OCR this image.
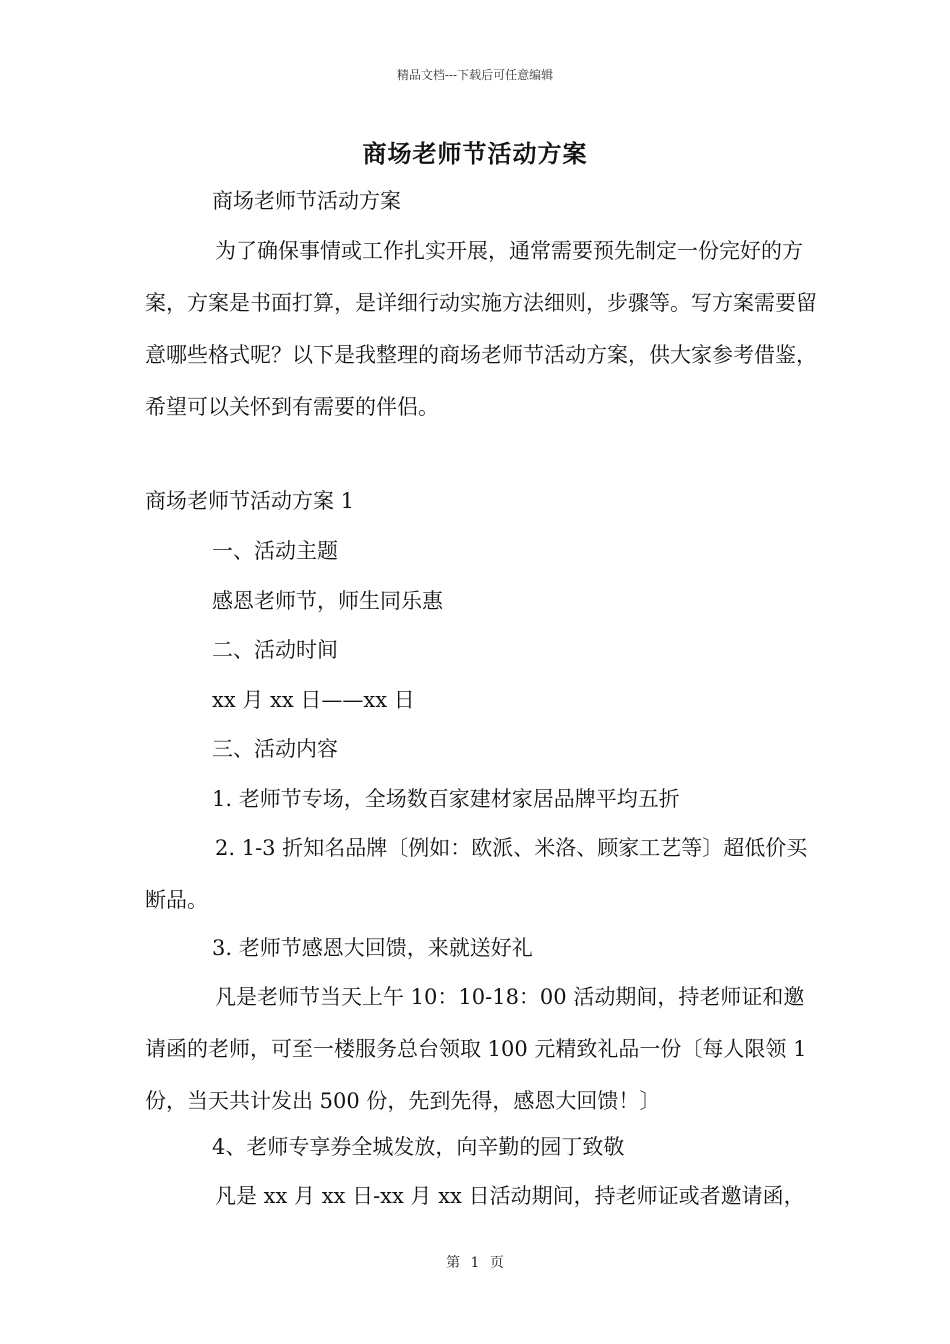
精品文档---下载后可任意编辑
商场老师节活动方案
商场老师节活动方案
为了确保事情或工作扎实开展，通常需要预先制定一份完好的方案，方案是书面打算，是详细行动实施方法细则，步骤等。写方案需要留意哪些格式呢？以下是我整理的商场老师节活动方案，供大家参考借鉴，希望可以关怀到有需要的伴侣。
商场老师节活动方案 1
一、活动主题
感恩老师节，师生同乐惠
二、活动时间
xx 月 xx 日——xx 日
三、活动内容
1. 老师节专场，全场数百家建材家居品牌平均五折
2. 1-3 折知名品牌〔例如：欧派、米洛、顾家工艺等〕超低价买断品。
3. 老师节感恩大回馈，来就送好礼
凡是老师节当天上午 10：10-18：00 活动期间，持老师证和邀请函的老师，可至一楼服务总台领取 100 元精致礼品一份〔每人限领 1 份，当天共计发出 500 份，先到先得，感恩大回馈！〕
4、老师专享券全城发放，向辛勤的园丁致敬
凡是 xx 月 xx 日-xx 月 xx 日活动期间，持老师证或者邀请函，
第 1 页
